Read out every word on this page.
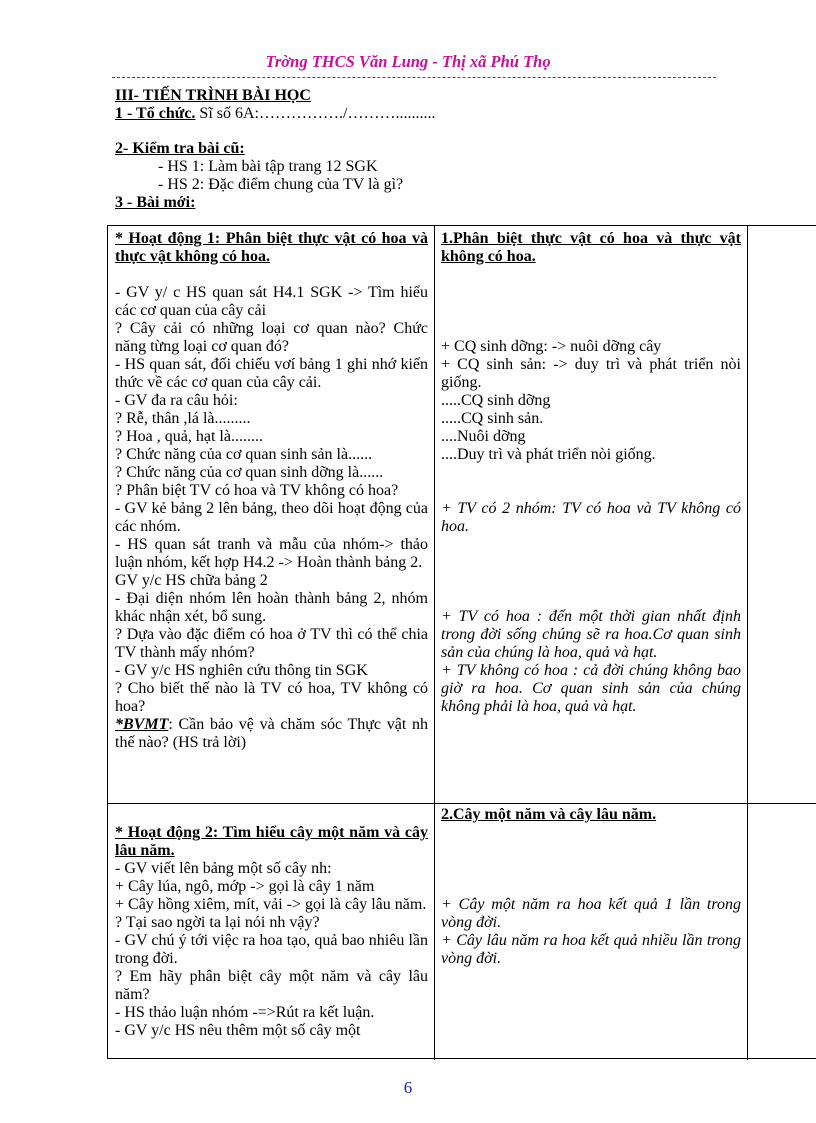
Trờng THCS Văn Lung - Thị xã Phú Thọ
III- TIẾN TRÌNH BÀI HỌC
1 - Tổ chức. Sĩ số 6A:……………./………..........
2- Kiểm tra bài cũ:
- HS 1: Làm bài tập trang 12 SGK
- HS 2: Đặc điểm chung của TV là gì?
3 - Bài mới:

* Hoạt động 1: Phân biệt thực vật có hoa và thực vật không có hoa.

- GV y/ c HS quan sát H4.1 SGK -> Tìm hiểu các cơ quan của cây cải

? Cây cải có những loại cơ quan nào? Chức năng từng loại cơ quan đó?

- HS quan sát, đối chiếu vơí bảng 1 ghi nhớ kiến thức về các cơ quan của cây cải.

- GV đa ra câu hỏi:

? Rễ, thân ,lá là.........

? Hoa , quả, hạt là........

? Chức năng của cơ quan sinh sản là......

? Chức năng của cơ quan sinh dỡng là......

? Phân biệt TV có hoa và TV không có hoa?

- GV kẻ bảng 2 lên bảng, theo dõi hoạt động của các nhóm.

- HS quan sát tranh và mẫu của nhóm-> thảo luận nhóm, kết hợp H4.2 -> Hoàn thành bảng 2.

GV y/c HS chữa bảng 2

- Đại diện nhóm lên hoàn thành bảng 2, nhóm khác nhận xét, bổ sung.

? Dựa vào đặc điểm có hoa ở TV thì có thể chia TV thành mấy nhóm?

- GV y/c HS nghiên cứu thông tin SGK

? Cho biết thế nào là TV có hoa, TV không có hoa?

*BVMT: Cần bảo vệ và chăm sóc Thực vật nh thế nào? (HS trả lời)

1.Phân biệt thực vật có hoa và thực vật không có hoa.

+ CQ sinh dỡng: -> nuôi dỡng cây

+ CQ sinh sản: -> duy trì và phát triển nòi giống.

.....CQ sinh dỡng

.....CQ sinh sản.

....Nuôi dỡng

....Duy trì và phát triển nòi giống.

+ TV có 2 nhóm: TV có hoa và TV không có hoa.

+ TV có hoa : đến một thời gian nhất định trong đời sống chúng sẽ ra hoa.Cơ quan sinh sản của chúng là hoa, quả và hạt.

+ TV không có hoa : cả đời chúng không bao giờ ra hoa. Cơ quan sinh sản của chúng không phải là hoa, quả và hạt.

* Hoạt động 2: Tìm hiểu cây một năm và cây lâu năm.

- GV viết lên bảng một số cây nh:

+ Cây lúa, ngô, mớp -> gọi là cây 1 năm

+ Cây hồng xiêm, mít, vải -> gọi là cây lâu năm.

? Tại sao ngời ta lại nói nh vậy?

- GV chú ý tới việc ra hoa tạo, quả bao nhiêu lần trong đời.

? Em hãy phân biệt cây một năm và cây lâu năm?

- HS thảo luận nhóm -=>Rút ra kết luận.

- GV y/c HS nêu thêm một số cây một

2.Cây một năm và cây lâu năm.

+ Cây một năm ra hoa kết quả 1 lần trong vòng đời.

+ Cây lâu năm ra hoa kết quả nhiều lần trong vòng đời.

6
